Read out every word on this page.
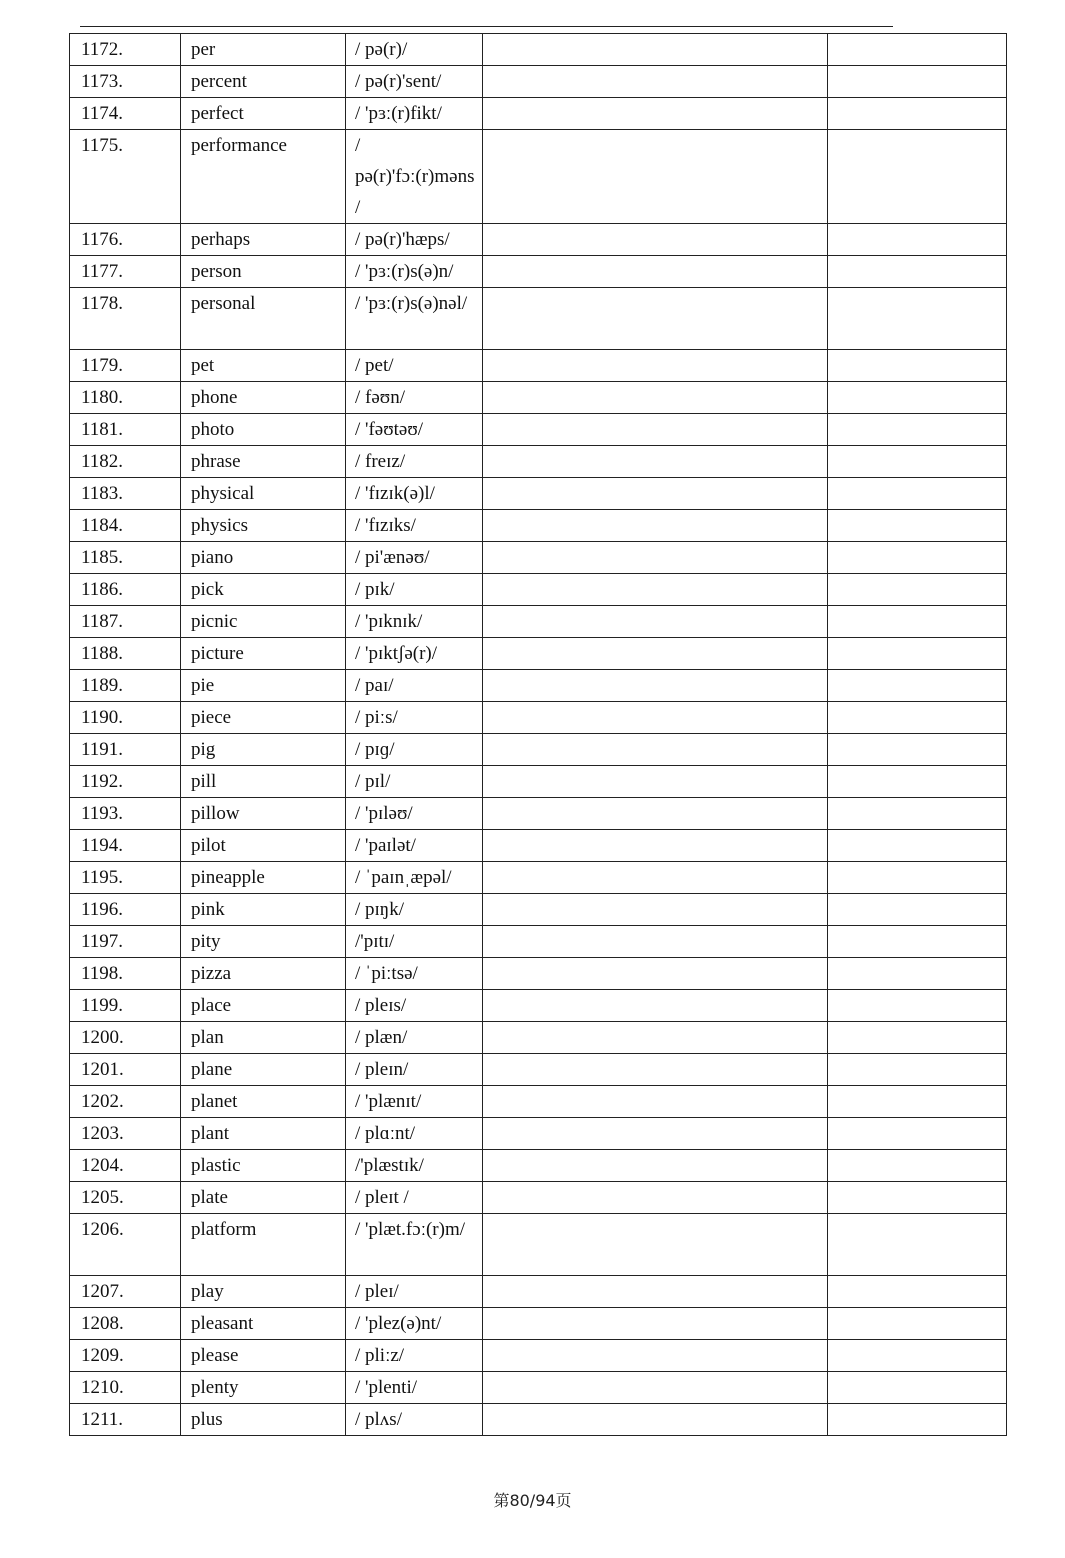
1172.	per	/ pə(r)/		

1173.	percent	/ pə(r)'sent/		

1174.	perfect	/ 'pɜː(r)fikt/		

1175.	performance	/ pə(r)'fɔː(r)məns/		

1176.	perhaps	/ pə(r)'hæps/		

1177.	person	/ 'pɜː(r)s(ə)n/		

1178.	personal	/ 'pɜː(r)s(ə)nəl/		

1179.	pet	/ pet/		

1180.	phone	/ fəʊn/		

1181.	photo	/ 'fəʊtəʊ/		

1182.	phrase	/ freɪz/		

1183.	physical	/ 'fɪzɪk(ə)l/		

1184.	physics	/ 'fɪzɪks/		

1185.	piano	/ pi'ænəʊ/		

1186.	pick	/ pɪk/		

1187.	picnic	/ 'pɪknɪk/		

1188.	picture	/ 'pɪktʃə(r)/		

1189.	pie	/ paɪ/		

1190.	piece	/ piːs/		

1191.	pig	/ pɪɡ/		

1192.	pill	/ pɪl/		

1193.	pillow	/ 'pɪləʊ/		

1194.	pilot	/ 'paɪlət/		

1195.	pineapple	/ ˈpaɪnˌæpəl/		

1196.	pink	/ pɪŋk/		

1197.	pity	/'pɪtɪ/		

1198.	pizza	/ ˈpiːtsə/		

1199.	place	/ pleɪs/		

1200.	plan	/ plæn/		

1201.	plane	/ pleɪn/		

1202.	planet	/ 'plænɪt/		

1203.	plant	/ plɑːnt/		

1204.	plastic	/'plæstɪk/		

1205.	plate	/ pleɪt /		

1206.	platform	/ 'plæt.fɔː(r)m/		

1207.	play	/ pleɪ/		

1208.	pleasant	/ 'plez(ə)nt/		

1209.	please	/ pliːz/		

1210.	plenty	/ 'plenti/		

1211.	plus	/ plʌs/		

第80/94页
